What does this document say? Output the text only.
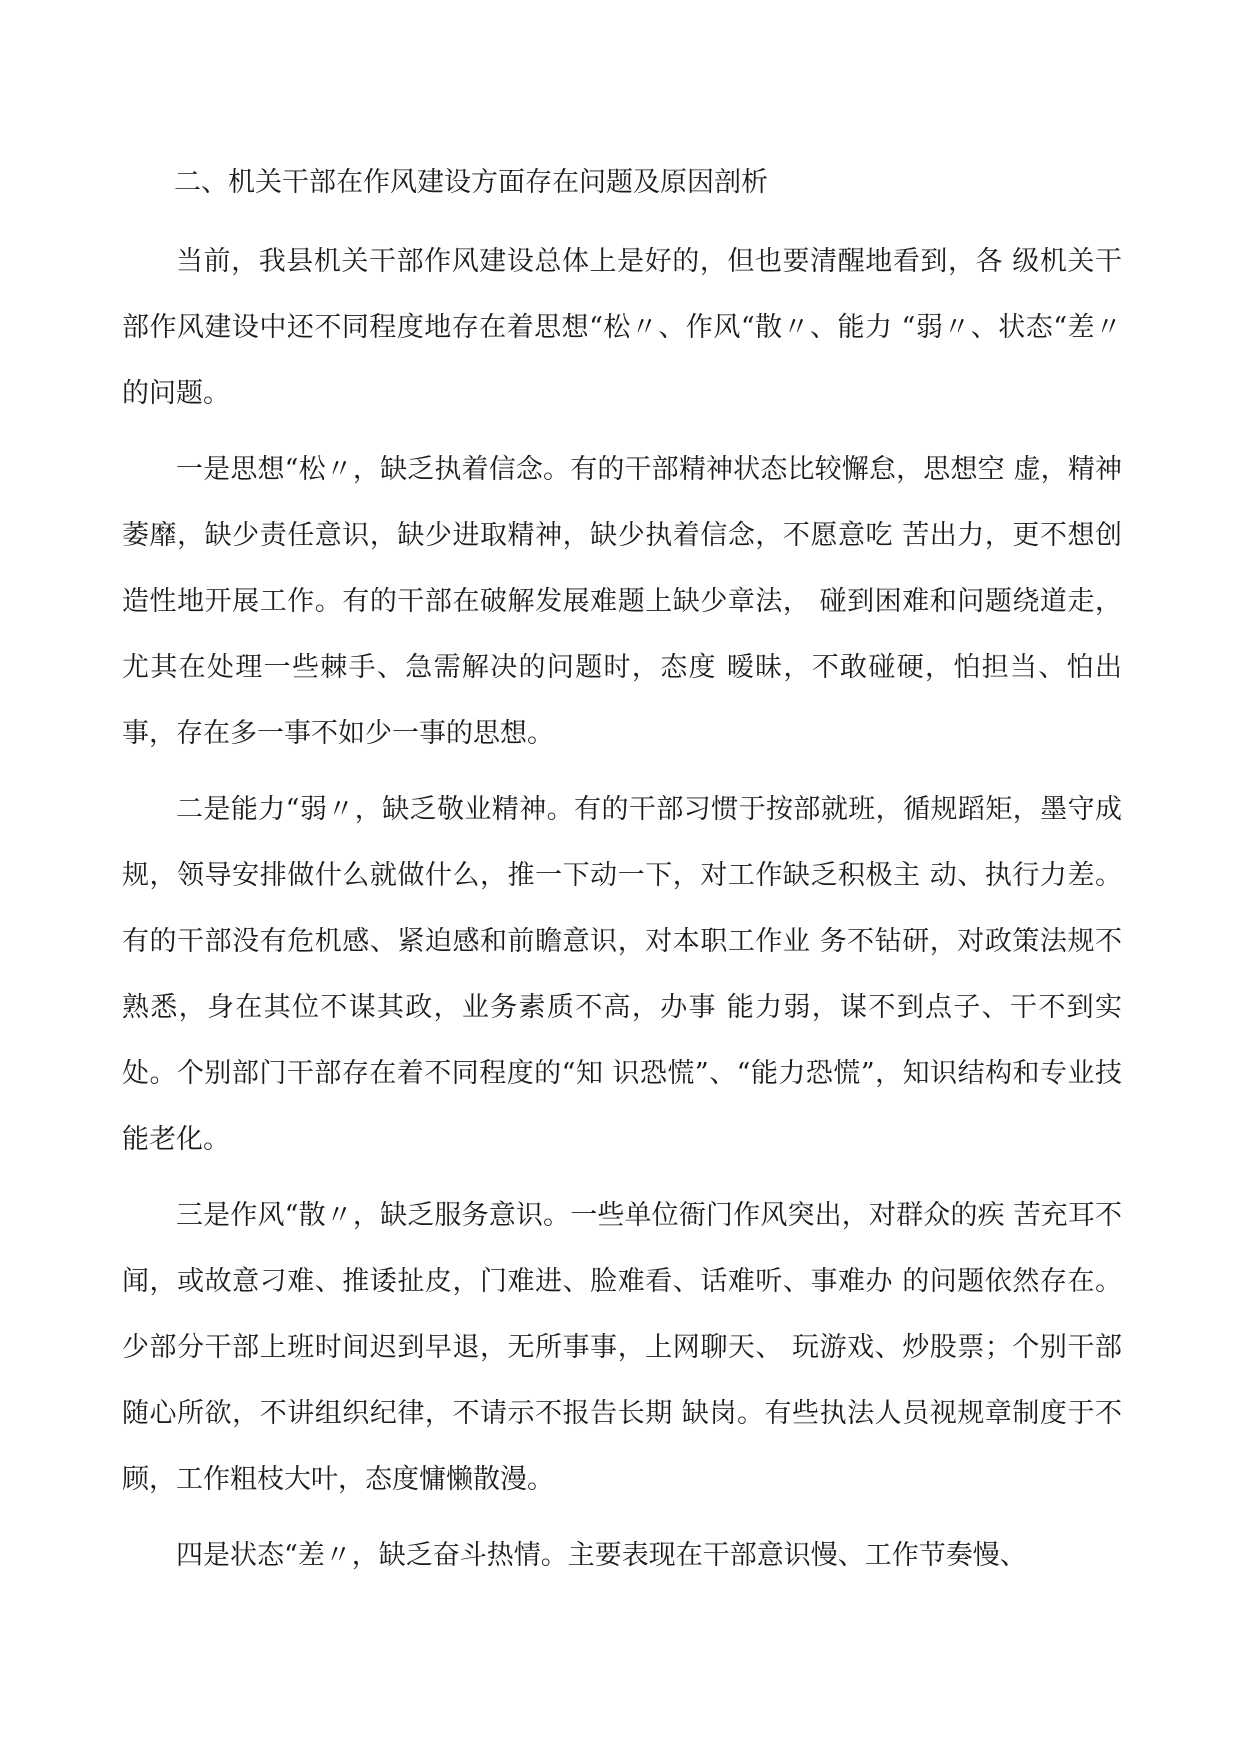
二、机关干部在作风建设方面存在问题及原因剖析

当前，我县机关干部作风建设总体上是好的，但也要清醒地看到，各 级机关干部作风建设中还不同程度地存在着思想“松〃、作风“散〃、能力 “弱〃、状态“差〃的问题。

一是思想“松〃，缺乏执着信念。有的干部精神状态比较懈怠，思想空 虚，精神萎靡，缺少责任意识，缺少进取精神，缺少执着信念，不愿意吃 苦出力，更不想创造性地开展工作。有的干部在破解发展难题上缺少章法， 碰到困难和问题绕道走，尤其在处理一些棘手、急需解决的问题时，态度 暧昧，不敢碰硬，怕担当、怕出事，存在多一事不如少一事的思想。

二是能力“弱〃，缺乏敬业精神。有的干部习惯于按部就班，循规蹈矩，墨守成规，领导安排做什么就做什么，推一下动一下，对工作缺乏积极主 动、执行力差。有的干部没有危机感、紧迫感和前瞻意识，对本职工作业 务不钻研，对政策法规不熟悉，身在其位不谋其政，业务素质不高，办事 能力弱，谋不到点子、干不到实处。个别部门干部存在着不同程度的“知 识恐慌”、“能力恐慌”，知识结构和专业技能老化。

三是作风“散〃，缺乏服务意识。一些单位衙门作风突出，对群众的疾 苦充耳不闻，或故意刁难、推诿扯皮，门难进、脸难看、话难听、事难办 的问题依然存在。少部分干部上班时间迟到早退，无所事事，上网聊天、 玩游戏、炒股票；个别干部随心所欲，不讲组织纪律，不请示不报告长期 缺岗。有些执法人员视规章制度于不顾，工作粗枝大叶，态度慵懒散漫。

四是状态“差〃，缺乏奋斗热情。主要表现在干部意识慢、工作节奏慢、
